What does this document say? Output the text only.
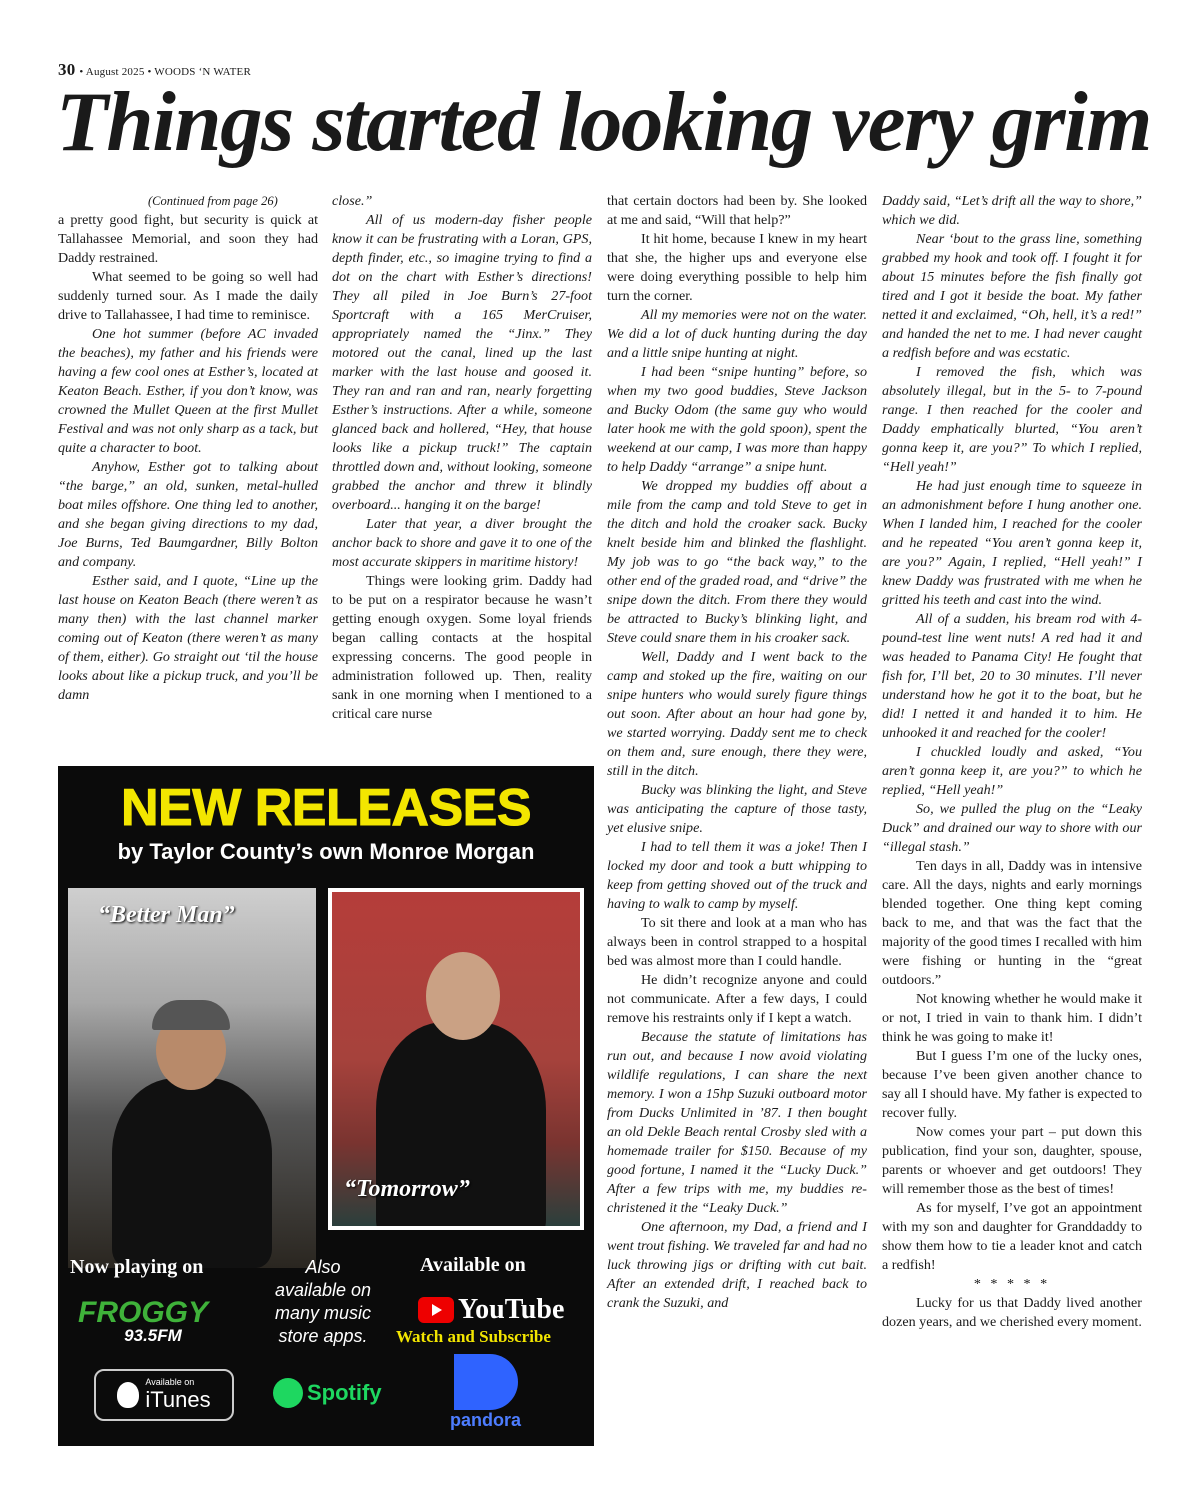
30 • August 2025 • WOODS ‘N WATER
Things started looking very grim

(Continued from page 26)

a pretty good fight, but security is quick at Tallahassee Memorial, and soon they had Daddy restrained.

What seemed to be going so well had suddenly turned sour. As I made the daily drive to Tallahassee, I had time to reminisce.

One hot summer (before AC invaded the beaches), my father and his friends were having a few cool ones at Esther’s, located at Keaton Beach. Esther, if you don’t know, was crowned the Mullet Queen at the first Mullet Festival and was not only sharp as a tack, but quite a character to boot.

Anyhow, Esther got to talking about “the barge,” an old, sunken, metal-hulled boat miles offshore. One thing led to another, and she began giving directions to my dad, Joe Burns, Ted Baumgardner, Billy Bolton and company.

Esther said, and I quote, “Line up the last house on Keaton Beach (there weren’t as many then) with the last channel marker coming out of Keaton (there weren’t as many of them, either). Go straight out ‘til the house looks about like a pickup truck, and you’ll be damn

close.”

All of us modern-day fisher people know it can be frustrating with a Loran, GPS, depth finder, etc., so imagine trying to find a dot on the chart with Esther’s directions! They all piled in Joe Burn’s 27-foot Sportcraft with a 165 MerCruiser, appropriately named the “Jinx.” They motored out the canal, lined up the last marker with the last house and goosed it. They ran and ran and ran, nearly forgetting Esther’s instructions. After a while, someone glanced back and hollered, “Hey, that house looks like a pickup truck!” The captain throttled down and, without looking, someone grabbed the anchor and threw it blindly overboard... hanging it on the barge!

Later that year, a diver brought the anchor back to shore and gave it to one of the most accurate skippers in maritime history!

Things were looking grim. Daddy had to be put on a respirator because he wasn’t getting enough oxygen. Some loyal friends began calling contacts at the hospital expressing concerns. The good people in administration followed up. Then, reality sank in one morning when I mentioned to a critical care nurse

that certain doctors had been by. She looked at me and said, “Will that help?”

It hit home, because I knew in my heart that she, the higher ups and everyone else were doing everything possible to help him turn the corner.

All my memories were not on the water. We did a lot of duck hunting during the day and a little snipe hunting at night.

I had been “snipe hunting” before, so when my two good buddies, Steve Jackson and Bucky Odom (the same guy who would later hook me with the gold spoon), spent the weekend at our camp, I was more than happy to help Daddy “arrange” a snipe hunt.

We dropped my buddies off about a mile from the camp and told Steve to get in the ditch and hold the croaker sack. Bucky knelt beside him and blinked the flashlight. My job was to go “the back way,” to the other end of the graded road, and “drive” the snipe down the ditch. From there they would be attracted to Bucky’s blinking light, and Steve could snare them in his croaker sack.

Well, Daddy and I went back to the camp and stoked up the fire, waiting on our snipe hunters who would surely figure things out soon. After about an hour had gone by, we started worrying. Daddy sent me to check on them and, sure enough, there they were, still in the ditch.

Bucky was blinking the light, and Steve was anticipating the capture of those tasty, yet elusive snipe.

I had to tell them it was a joke! Then I locked my door and took a butt whipping to keep from getting shoved out of the truck and having to walk to camp by myself.

To sit there and look at a man who has always been in control strapped to a hospital bed was almost more than I could handle.

He didn’t recognize anyone and could not communicate. After a few days, I could remove his restraints only if I kept a watch.

Because the statute of limitations has run out, and because I now avoid violating wildlife regulations, I can share the next memory. I won a 15hp Suzuki outboard motor from Ducks Unlimited in ’87. I then bought an old Dekle Beach rental Crosby sled with a homemade trailer for $150. Because of my good fortune, I named it the “Lucky Duck.” After a few trips with me, my buddies re-christened it the “Leaky Duck.”

One afternoon, my Dad, a friend and I went trout fishing. We traveled far and had no luck throwing jigs or drifting with cut bait. After an extended drift, I reached back to crank the Suzuki, and

Daddy said, “Let’s drift all the way to shore,” which we did.

Near ‘bout to the grass line, something grabbed my hook and took off. I fought it for about 15 minutes before the fish finally got tired and I got it beside the boat. My father netted it and exclaimed, “Oh, hell, it’s a red!” and handed the net to me. I had never caught a redfish before and was ecstatic.

I removed the fish, which was absolutely illegal, but in the 5- to 7-pound range. I then reached for the cooler and Daddy emphatically blurted, “You aren’t gonna keep it, are you?” To which I replied, “Hell yeah!”

He had just enough time to squeeze in an admonishment before I hung another one. When I landed him, I reached for the cooler and he repeated “You aren’t gonna keep it, are you?” Again, I replied, “Hell yeah!” I knew Daddy was frustrated with me when he gritted his teeth and cast into the wind.

All of a sudden, his bream rod with 4-pound-test line went nuts! A red had it and was headed to Panama City! He fought that fish for, I’ll bet, 20 to 30 minutes. I’ll never understand how he got it to the boat, but he did! I netted it and handed it to him. He unhooked it and reached for the cooler!

I chuckled loudly and asked, “You aren’t gonna keep it, are you?” to which he replied, “Hell yeah!”

So, we pulled the plug on the “Leaky Duck” and drained our way to shore with our “illegal stash.”

Ten days in all, Daddy was in intensive care. All the days, nights and early mornings blended together. One thing kept coming back to me, and that was the fact that the majority of the good times I recalled with him were fishing or hunting in the “great outdoors.”

Not knowing whether he would make it or not, I tried in vain to thank him. I didn’t think he was going to make it!

But I guess I’m one of the lucky ones, because I’ve been given another chance to say all I should have. My father is expected to recover fully.

Now comes your part – put down this publication, find your son, daughter, spouse, parents or whoever and get outdoors! They will remember those as the best of times!

As for myself, I’ve got an appointment with my son and daughter for Granddaddy to show them how to tie a leader knot and catch a redfish!

* * * * *

Lucky for us that Daddy lived another dozen years, and we cherished every moment.

NEW RELEASES
by Taylor County’s own Monroe Morgan
“Better Man”
“Tomorrow”
Now playing on
FROGGY
93.5FM
Also available on many music store apps.
Available on
YouTube
Watch and Subscribe
Available on
iTunes	Spotify
pandora
